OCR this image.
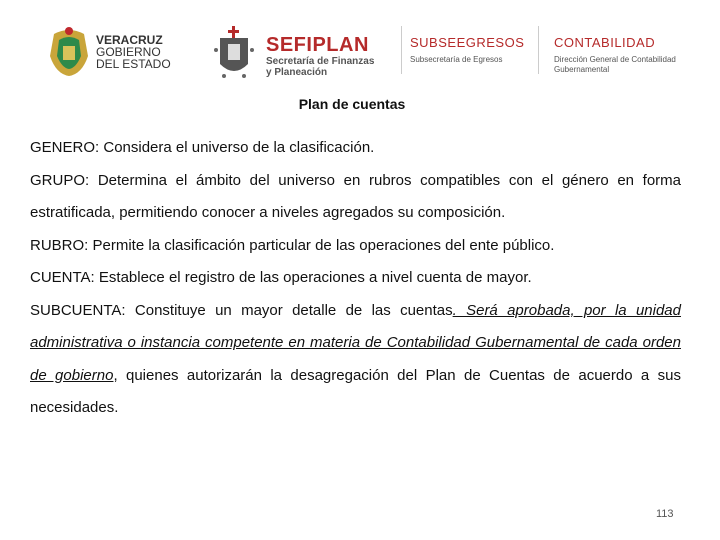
VERACRUZ
GOBIERNO
DEL ESTADO
SEFIPLAN
Secretaría de Finanzas
y Planeación
SUBSEEGRESOS
Subsecretaría de Egresos
CONTABILIDAD
Dirección General de Contabilidad Gubernamental
Plan de cuentas

GENERO: Considera el universo de la clasificación.

GRUPO: Determina el ámbito del universo en rubros compatibles con el género en forma estratificada, permitiendo conocer a niveles agregados su composición.

RUBRO: Permite la clasificación particular de las operaciones del ente público.

CUENTA: Establece el registro de las operaciones a nivel cuenta de mayor.

SUBCUENTA: Constituye un mayor detalle de las cuentas. Será aprobada, por la unidad administrativa o instancia competente en materia de Contabilidad Gubernamental de cada orden de gobierno, quienes autorizarán la desagregación del Plan de Cuentas de acuerdo a sus necesidades.

113
